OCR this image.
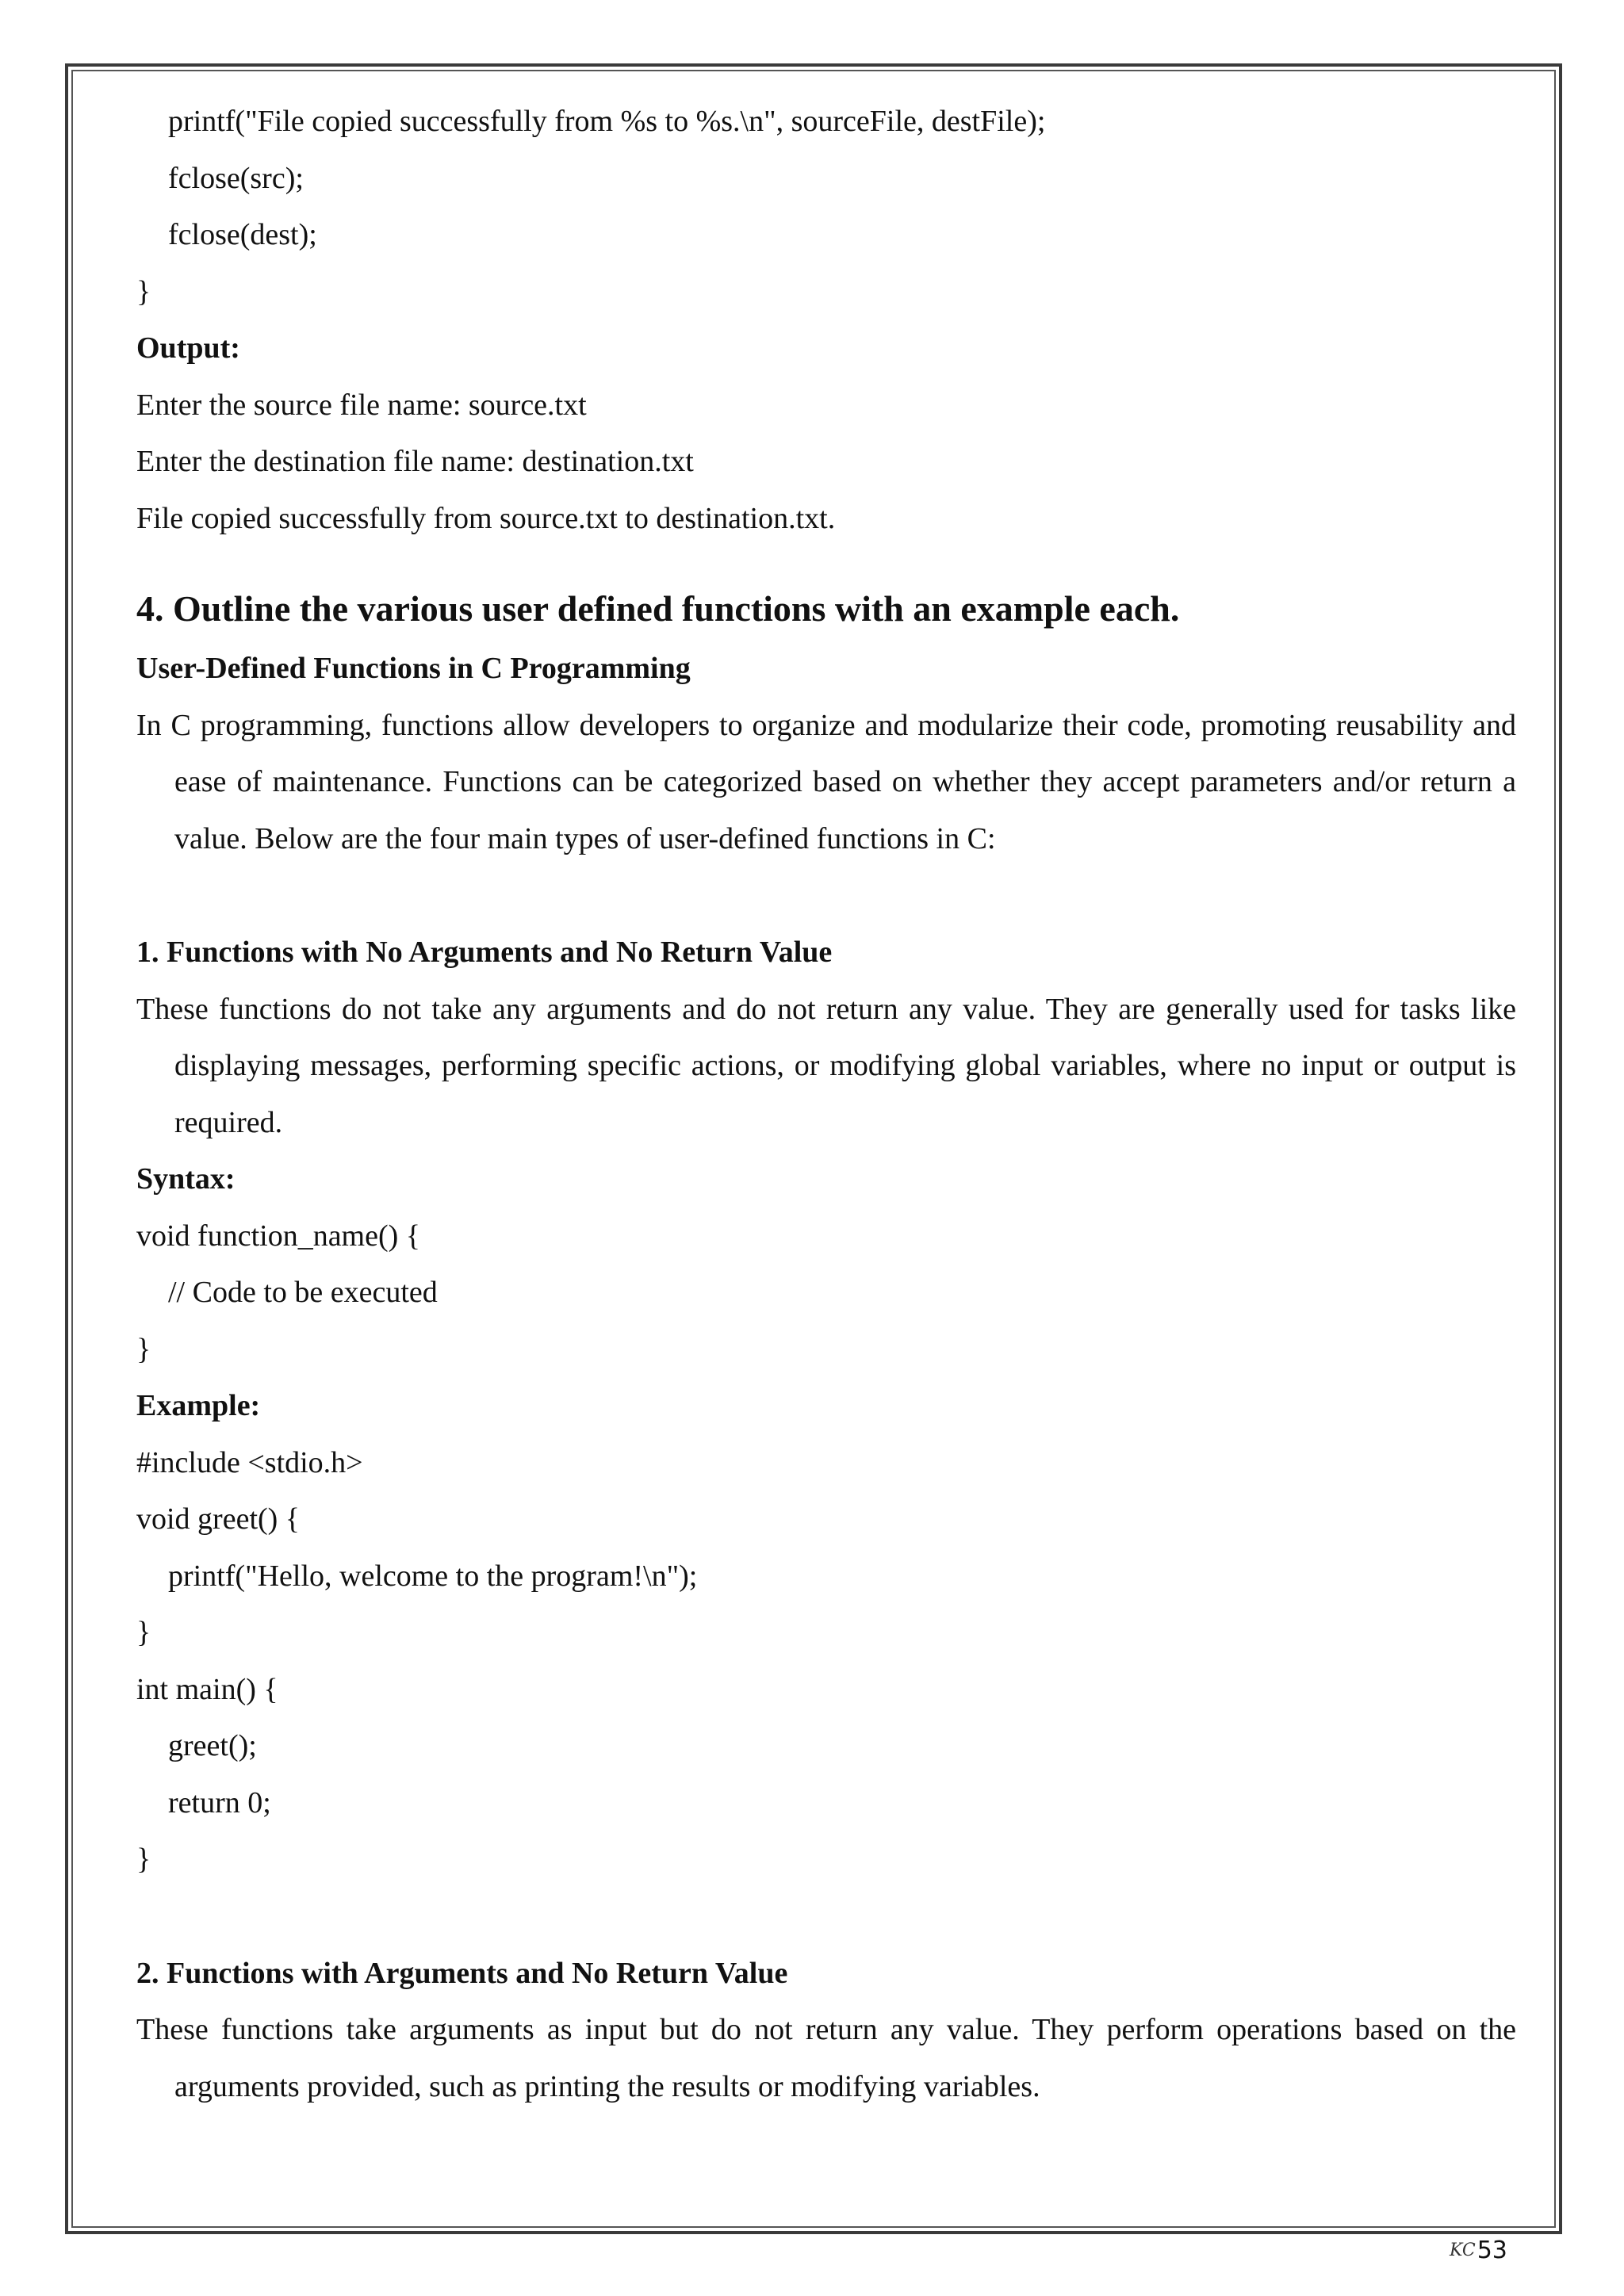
printf("File copied successfully from %s to %s.\n", sourceFile, destFile);
fclose(src);
fclose(dest);
}
Output:
Enter the source file name: source.txt
Enter the destination file name: destination.txt
File copied successfully from source.txt to destination.txt.
4. Outline the various user defined functions with an example each.
User-Defined Functions in C Programming
In C programming, functions allow developers to organize and modularize their code, promoting reusability and ease of maintenance. Functions can be categorized based on whether they accept parameters and/or return a value. Below are the four main types of user-defined functions in C:
1. Functions with No Arguments and No Return Value
These functions do not take any arguments and do not return any value. They are generally used for tasks like displaying messages, performing specific actions, or modifying global variables, where no input or output is required.
Syntax:
void function_name() {
// Code to be executed
}
Example:
#include <stdio.h>
void greet() {
printf("Hello, welcome to the program!\n");
}
int main() {
greet();
return 0;
}
2. Functions with Arguments and No Return Value
These functions take arguments as input but do not return any value. They perform operations based on the arguments provided, such as printing the results or modifying variables.
KC 53
